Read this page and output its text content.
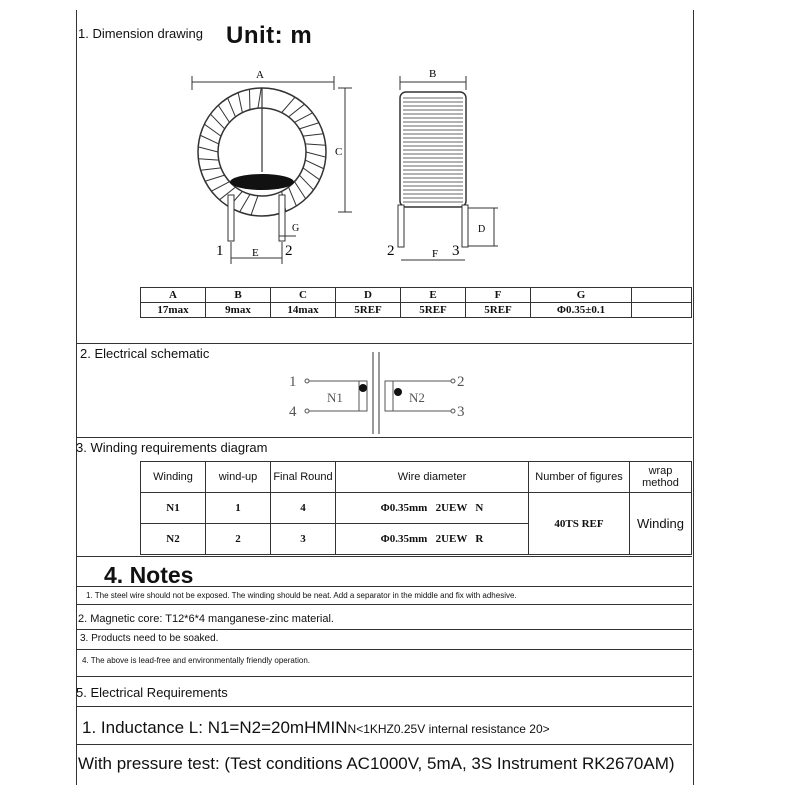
1. Dimension drawing Unit: m
A
C
G
E
1	2
B
D
F
2	3
A	B	C	D	E	F	G	
17max	9max	14max	5REF	5REF	5REF	Φ0.35±0.1	
2. Electrical schematic
1
4
N1	N2
2
3
3. Winding requirements diagram
Winding	wind-up	Final Round	Wire diameter	Number of figures	wrap method
N1	1	4	Φ0.35mm   2UEW   N	40TS REF	Winding
N2	2	3	Φ0.35mm   2UEW   R		
4. Notes
1. The steel wire should not be exposed. The winding should be neat. Add a separator in the middle and fix with adhesive.
2. Magnetic core: T12*6*4 manganese-zinc material.
3. Products need to be soaked.
4. The above is lead-free and environmentally friendly operation.
5. Electrical Requirements
1. Inductance L: N1=N2=20mHMINN<1KHZ0.25V internal resistance 20>
With pressure test: (Test conditions AC1000V, 5mA, 3S Instrument RK2670AM)
